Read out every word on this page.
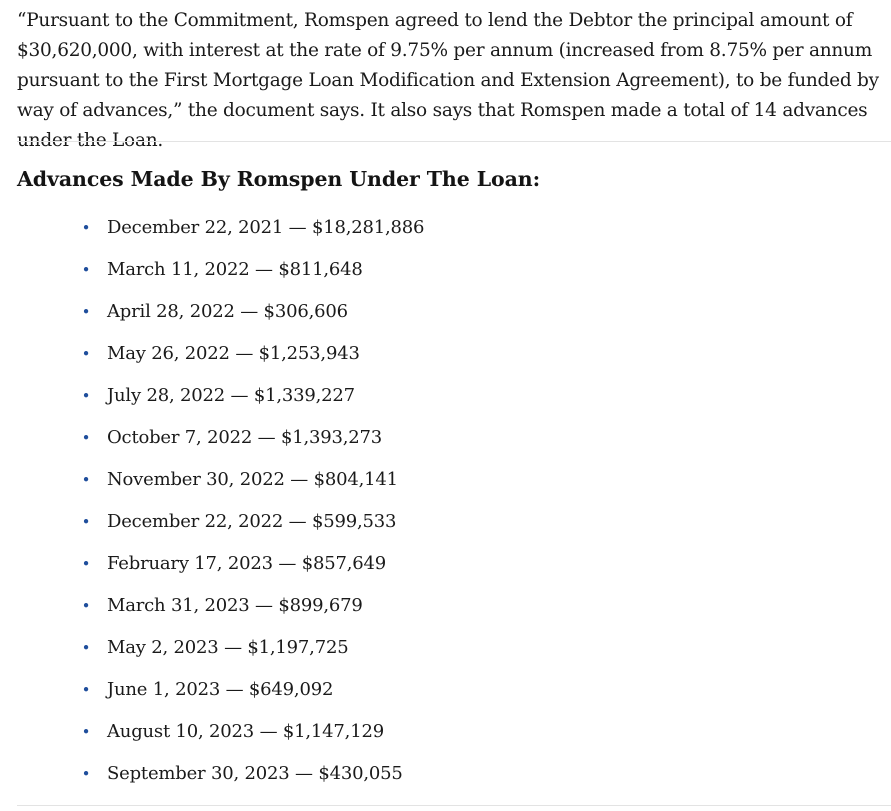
“Pursuant to the Commitment, Romspen agreed to lend the Debtor the principal amount of $30,620,000, with interest at the rate of 9.75% per annum (increased from 8.75% per annum pursuant to the First Mortgage Loan Modification and Extension Agreement), to be funded by way of advances,” the document says. It also says that Romspen made a total of 14 advances under the Loan.

Advances Made By Romspen Under The Loan:
• December 22, 2021 — $18,281,886
• March 11, 2022 — $811,648
• April 28, 2022 — $306,606
• May 26, 2022 — $1,253,943
• July 28, 2022 — $1,339,227
• October 7, 2022 — $1,393,273
• November 30, 2022 — $804,141
• December 22, 2022 — $599,533
• February 17, 2023 — $857,649
• March 31, 2023 — $899,679
• May 2, 2023 — $1,197,725
• June 1, 2023 — $649,092
• August 10, 2023 — $1,147,129
• September 30, 2023 — $430,055
